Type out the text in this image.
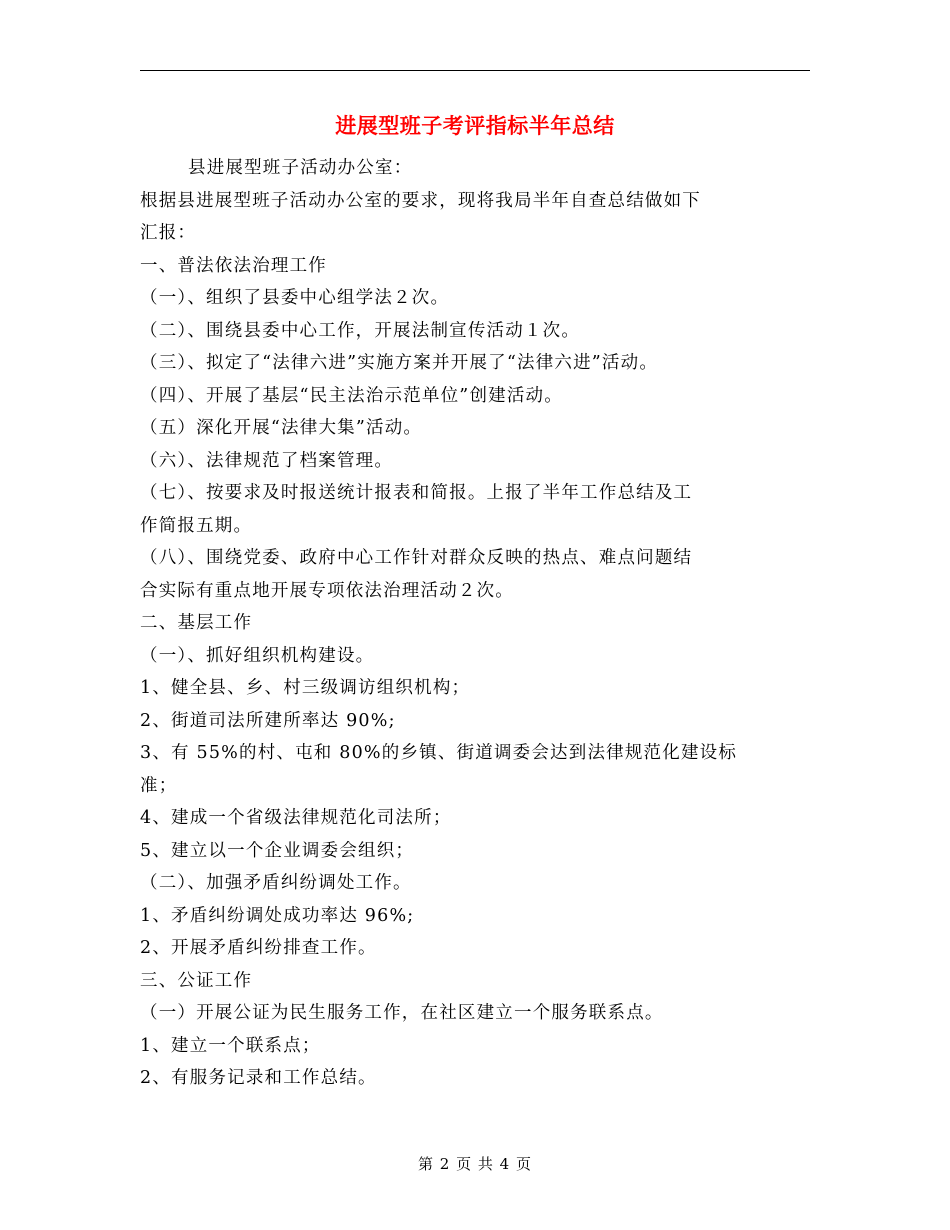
进展型班子考评指标半年总结
县进展型班子活动办公室：
根据县进展型班子活动办公室的要求，现将我局半年自查总结做如下
汇报：
一、普法依法治理工作
（一）、组织了县委中心组学法２次。
（二）、围绕县委中心工作，开展法制宣传活动１次。
（三）、拟定了“法律六进”实施方案并开展了“法律六进”活动。
（四）、开展了基层“民主法治示范单位”创建活动。
（五）深化开展“法律大集”活动。
（六）、法律规范了档案管理。
（七）、按要求及时报送统计报表和简报。上报了半年工作总结及工
作简报五期。
（八）、围绕党委、政府中心工作针对群众反映的热点、难点问题结
合实际有重点地开展专项依法治理活动２次。
二、基层工作
（一）、抓好组织机构建设。
1、健全县、乡、村三级调访组织机构；
2、街道司法所建所率达 90%;
3、有 55%的村、屯和 80%的乡镇、街道调委会达到法律规范化建设标
准；
4、建成一个省级法律规范化司法所；
5、建立以一个企业调委会组织；
（二）、加强矛盾纠纷调处工作。
1、矛盾纠纷调处成功率达 96%;
2、开展矛盾纠纷排查工作。
三、公证工作
（一）开展公证为民生服务工作，在社区建立一个服务联系点。
1、建立一个联系点；
2、有服务记录和工作总结。
第 2 页 共 4 页
